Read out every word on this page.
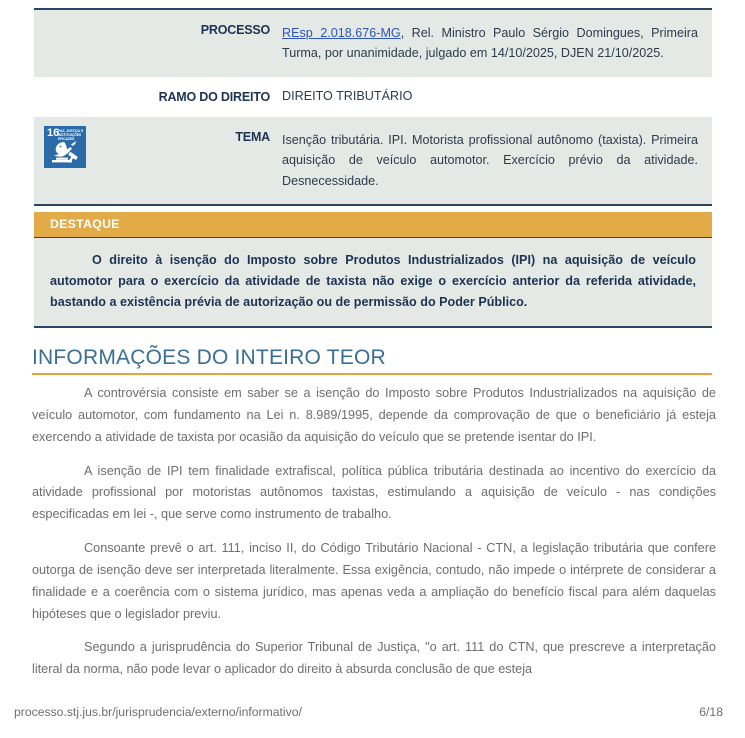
	PROCESSO	REsp 2.018.676-MG, Rel. Ministro Paulo Sérgio Domingues, Primeira Turma, por unanimidade, julgado em 14/10/2025, DJEN 21/10/2025.
	RAMO DO DIREITO	DIREITO TRIBUTÁRIO

16
PAZ, JUSTIÇA E INSTITUIÇÕES EFICAZES	TEMA	Isenção tributária. IPI. Motorista profissional autônomo (taxista). Primeira aquisição de veículo automotor. Exercício prévio da atividade. Desnecessidade.
DESTAQUE
O direito à isenção do Imposto sobre Produtos Industrializados (IPI) na aquisição de veículo automotor para o exercício da atividade de taxista não exige o exercício anterior da referida atividade, bastando a existência prévia de autorização ou de permissão do Poder Público.
INFORMAÇÕES DO INTEIRO TEOR

A controvérsia consiste em saber se a isenção do Imposto sobre Produtos Industrializados na aquisição de veículo automotor, com fundamento na Lei n. 8.989/1995, depende da comprovação de que o beneficiário já esteja exercendo a atividade de taxista por ocasião da aquisição do veículo que se pretende isentar do IPI.

A isenção de IPI tem finalidade extrafiscal, política pública tributária destinada ao incentivo do exercício da atividade profissional por motoristas autônomos taxistas, estimulando a aquisição de veículo - nas condições especificadas em lei -, que serve como instrumento de trabalho.

Consoante prevê o art. 111, inciso II, do Código Tributário Nacional - CTN, a legislação tributária que confere outorga de isenção deve ser interpretada literalmente. Essa exigência, contudo, não impede o intérprete de considerar a finalidade e a coerência com o sistema jurídico, mas apenas veda a ampliação do benefício fiscal para além daquelas hipóteses que o legislador previu.

Segundo a jurisprudência do Superior Tribunal de Justiça, "o art. 111 do CTN, que prescreve a interpretação literal da norma, não pode levar o aplicador do direito à absurda conclusão de que esteja

processo.stj.jus.br/jurisprudencia/externo/informativo/	6/18
